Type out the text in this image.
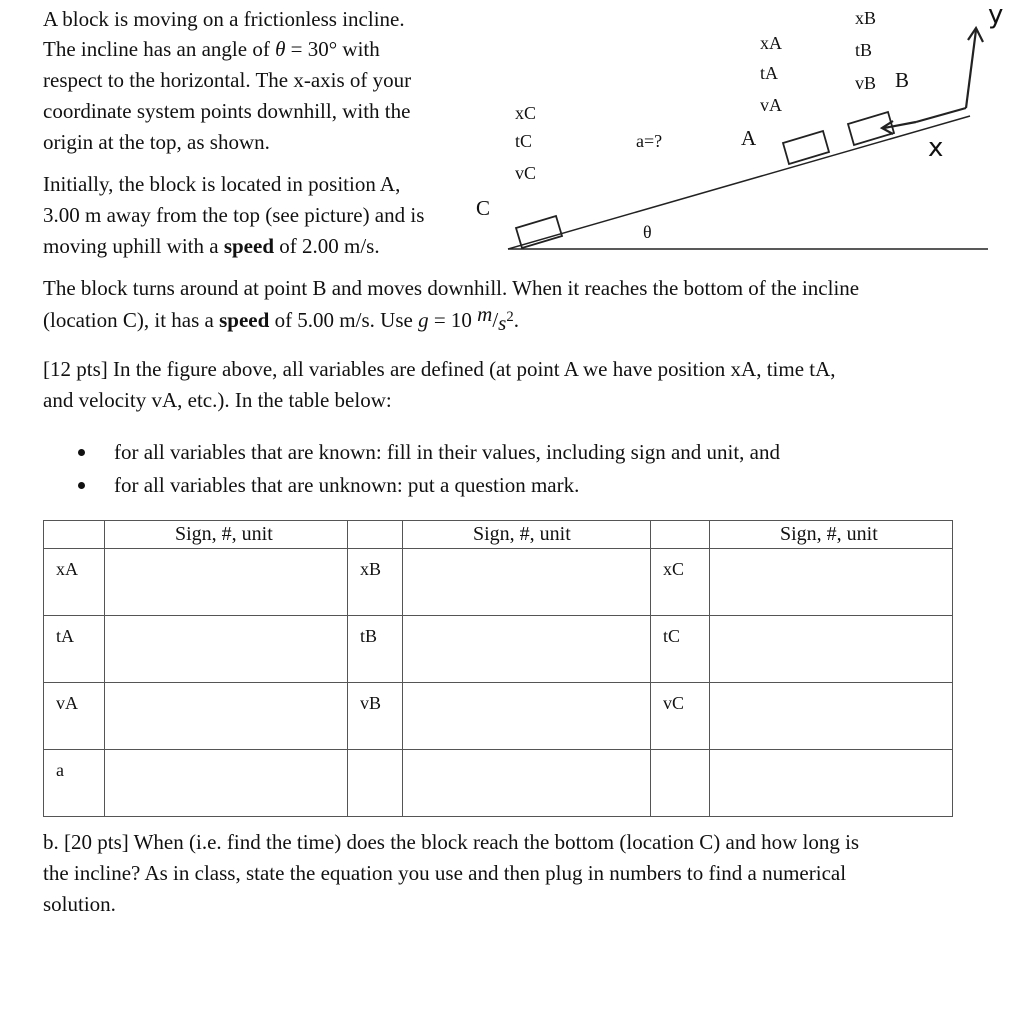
A block is moving on a frictionless incline.
The incline has an angle of θ = 30° with
respect to the horizontal. The x-axis of your
coordinate system points downhill, with the
origin at the top, as shown.
Initially, the block is located in position A,
3.00 m away from the top (see picture) and is
moving uphill with a speed of 2.00 m/s.
C
xC
tC
vC
a=?
θ
A
xA
tA
vA
xB
tB
vB B
y
x
The block turns around at point B and moves downhill. When it reaches the bottom of the incline
(location C), it has a speed of 5.00 m/s. Use g = 10 $m/s^2$.
[12 pts] In the figure above, all variables are defined (at point A we have position xA, time tA,
and velocity vA, etc.). In the table below:
for all variables that are known: fill in their values, including sign and unit, and
for all variables that are unknown: put a question mark.
	Sign, #, unit		Sign, #, unit		Sign, #, unit
xA		xB		xC	
tA		tB		tC	
vA		vB		vC	
a					
b. [20 pts] When (i.e. find the time) does the block reach the bottom (location C) and how long is
the incline? As in class, state the equation you use and then plug in numbers to find a numerical
solution.
